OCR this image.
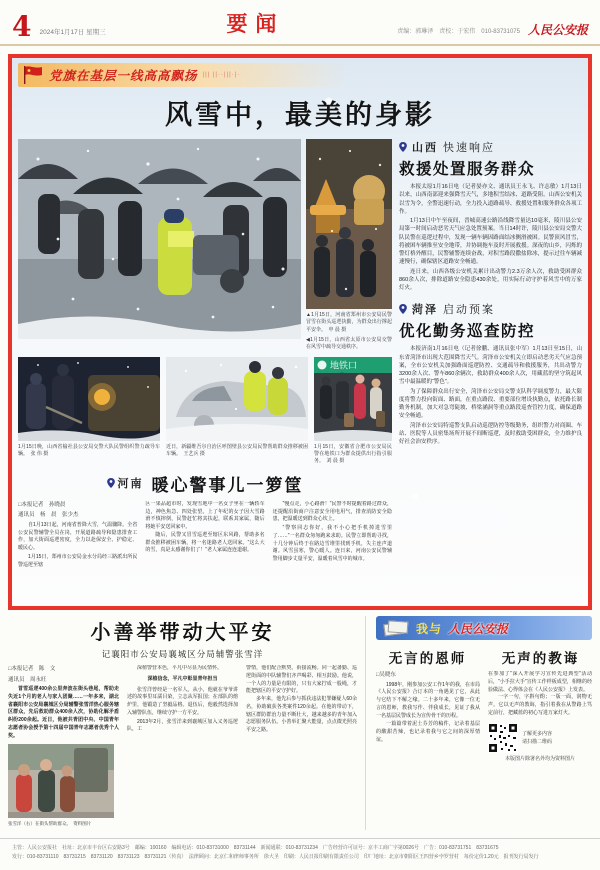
4 2024年1月17日 星期三	要闻	责编：郭琳泽　责校：于宏伟　010-83731075 人民公安报
党旗在基层一线高高飘扬 ||| ||··|||·|·
风雪中，最美的身影
▲1月15日，河南省郑州市公安局民警冒雪在街头巡逻执勤，为群众出行撑起平安伞。　申 晨 摄
◀1月15日，山西省太原市公安局交警在风雪中疏导交通秩序。
1月15日晚，山西省榆社县公安局交警大队民警组织警力疏导车辆。　张 伟 摄
近日，新疆维吾尔自治区呼图壁县公安局民警帮助群众推移被困车辆。　王艺兵 摄
地铁口
1月15日，安徽省合肥市公安局民警在地铁口为群众提供出行指引服务。　刘 晨 摄
河南 暖心警事儿一箩筐
□本报记者　孙晓晨
通讯员　杨　晨　张少杰

自1月13日起，河南省普降大雪，气温骤降。全省公安民警辅警全员在岗，开展道路疏导和隐患排查工作，加大街面巡逻密度，全力以赴保安全、护稳定、暖民心。

1月15日，郑州市公安局金水分局经三路派出所民警巡逻至辖

区一果品超市时，发现雪地中一名女子坐在一辆轿车边，神色焦急、四处张望。上了年纪的女子因大雪路滑不慎摔倒，民警赶忙将其扶起，联系其家属，随后将她平安送回家中。

随后，民警又冒雪巡逻至辖区东风路，帮助多名群众推移被困车辆，将一名迷路老人送回家。“这么大的雪，真是太感谢你们了！”老人家属连连道谢。

“慢点走，小心路滑！”民警不时提醒着路过群众，还提醒沿街商户注意安全用电用气，排查消防安全隐患，把温暖送到群众心坎上。

“警察同志你好，我不小心把手机掉进雪里了……”一名群众匆匆跑来求助。民警立即帮助寻找，十几分钟后终于在路边雪堆里找到手机，失主连声道谢。风雪虽寒，警心暖人。连日来，河南公安民警辅警用脚步丈量平安，温暖着风雪中的城市。

山西 快速响应
救援处置服务群众

本报太原1月16日电（记者晏亦文、通讯员王永飞、许志敏）1月13日以来，山西南部迎来强降雪天气，多地积雪结冰、道路受阻。山西公安机关以雪为令，全警迅速行动，全力投入道路疏导、救援处置和服务群众各项工作。

1月13日中午至夜间，晋城高速公路沿线降雪量达10毫米，陵川县公安局第一时间启动恶劣天气应急处置预案。当日14时许，陵川县公安局交警大队民警在巡逻过程中，发现一辆车辆因路面结冰侧滑被困。民警顶风冒雪，将被困车辆推至安全地带，并协调拖车及时开展救援。深夜的山乡，闪烁的警灯格外醒目，民警辅警连续奋战，对积雪路段撒盐除冰，提示过往车辆减速慢行，确保辖区道路安全畅通。

连日来，山西各级公安机关累计出动警力2.3万余人次，救助受困群众860余人次，排除道路安全隐患430余处，用实际行动守护着风雪中的万家灯火。

菏泽 启动预案
优化勤务巡查防控

本报济南1月16日电（记者徐鹏、通讯员张中军）1月13日至15日，山东省菏泽市出现大范围降雪天气。菏泽市公安机关立即启动恶劣天气应急预案，全市公安机关加强路面巡逻防控、交通疏导和救援服务，共出动警力3200余人次、警车860余辆次，救助群众400余人次，用藏蓝的坚守筑起风雪中最温暖的“警色”。

为了保障群众出行安全，菏泽市公安局交警支队科学调度警力，最大限度将警力投向街面、路面，在重点路段、重要部位增设执勤点，依托路长制勤务机制，加大对急弯陡坡、桥梁涵洞等重点路段巡查管控力度，确保道路安全畅通。

菏泽市公安局特巡警支队启动巡逻防控等级勤务，组织警力对商圈、车站、医院等人员密集场所开展不间断巡逻，及时救助受困群众，全力维护良好社会治安秩序。

小善举带动大平安
记襄阳市公安局襄城区分局辅警张雪洋
□本报记者　陈　文
通讯员　周永旺

冒雪巡逻400余公里奔波在街头巷尾，帮助走失近1个月的老人与家人团聚……一年多来，湖北省襄阳市公安局襄城区分局辅警张雪洋热心服务辖区群众，先后救助群众400余人次，协助化解矛盾纠纷200余起。近日，他被共青团中央、中国青年志愿者协会授予第十四届中国青年志愿者优秀个人奖。

张雪洋（右）在街头帮助群众。　资料图片

深植警营本色，平凡中尽显为民情怀。

深植信念，平凡中彰显青年担当

张雪洋曾经是一名军人。从小，他就在爷爷讲述的故事里耳濡目染，立志从军报国；在部队的熔炉里，他锻造了坚毅品格。退伍后，他毅然选择加入辅警队伍，继续守护一方平安。

2013年2月，张雪洋来到襄城区加入义务巡逻队，工

警情，他们配合默契、衔接流畅。同一起备勤、巡逻街面的中队辅警们齐声喝彩、相互鼓励。他说，一个人的力量是有限的，只有大家拧成一股绳，才能把辖区的平安守护好。

多年来，他先后参与抓获违法犯罪嫌疑人60余名，协助破获各类案件120余起。在他的带动下，辖区群防群治力量不断壮大，越来越多的青年加入志愿服务队伍。小善举汇聚大能量，点点微光照亮平安之路。

我与 人民公安报
无言的恩师	无声的教诲
□吴晓东

1998年，刚参加公安工作1年的我，在市局《人民公安报》合订本的一角遇见了它，从此与它结下不解之缘。二十多年来，它像一位无言的恩师，教我写作、伴我成长，见证了我从一名基层民警成长为宣传骨干的历程。

一篇篇带着泥土芬芳的稿件，记录着基层的酸甜苦辣，也记录着我与它之间的深厚情谊。

在参加了“深入开展学习宣传先进典型”活动后，“小手拉大手”宣传工作样板成型，相继的经验做法、心得体会在《人民公安报》上发表。

一字一句，字斟句酌；一版一面，润物无声。它以无声的教诲，指引着我在从警路上笃定前行，把藏蓝的初心写进万家灯火。

了解更多内容
请扫描二维码
本版图片除署名外均为资料图片
主管：人民公安报社　社址：北京市丰台区右安路3号　邮编：100160　编辑电话：010-83731000　83731144　新闻通联：010-83731234　广告经营许可证号：京丰工商广字第0026号　广告：010-83731751　83731675
发行：010-83731110　83731215　83731120　83731123　83731121（传真）　法律顾问：北京仁和律师事务所　徐大圣　印刷：人民日报印刷有限责任公司　印厂地址：北京市朝阳区王四营乡孛罗营村　每份定价1.20元　报刊发行局发行
